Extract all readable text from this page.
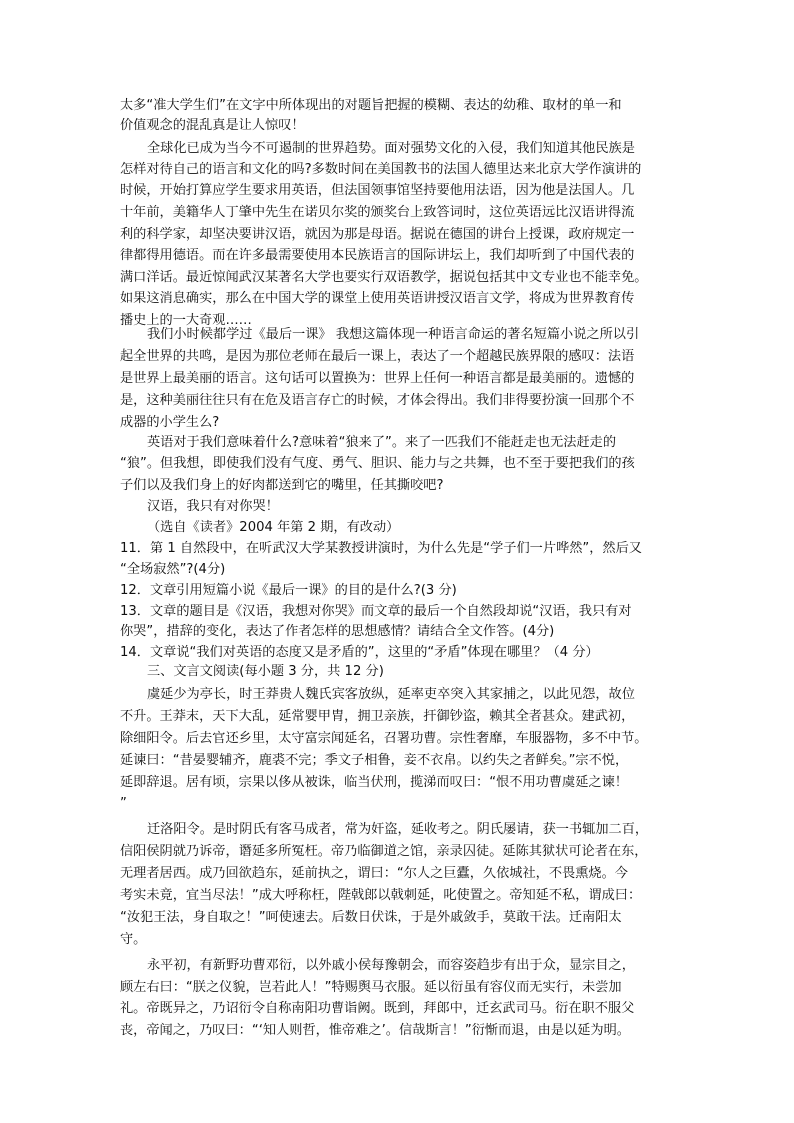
太多“准大学生们”在文字中所体现出的对题旨把握的模糊、表达的幼稚、取材的单一和
价值观念的混乱真是让人惊叹！
全球化已成为当今不可遏制的世界趋势。面对强势文化的入侵，我们知道其他民族是
怎样对待自己的语言和文化的吗?多数时间在美国教书的法国人德里达来北京大学作演讲的
时候，开始打算应学生要求用英语，但法国领事馆坚持要他用法语，因为他是法国人。几
十年前，美籍华人丁肇中先生在诺贝尔奖的颁奖台上致答词时，这位英语远比汉语讲得流
利的科学家，却坚决要讲汉语，就因为那是母语。据说在德国的讲台上授课，政府规定一
律都得用德语。而在许多最需要使用本民族语言的国际讲坛上，我们却听到了中国代表的
满口洋话。最近惊闻武汉某著名大学也要实行双语教学，据说包括其中文专业也不能幸免。
如果这消息确实，那么在中国大学的课堂上使用英语讲授汉语言文学，将成为世界教育传
播史上的一大奇观……
我们小时候都学过《最后一课》 我想这篇体现一种语言命运的著名短篇小说之所以引
起全世界的共鸣，是因为那位老师在最后一课上，表达了一个超越民族界限的感叹：法语
是世界上最美丽的语言。这句话可以置换为：世界上任何一种语言都是最美丽的。遗憾的
是，这种美丽往往只有在危及语言存亡的时候，才体会得出。我们非得要扮演一回那个不
成器的小学生么?
英语对于我们意味着什么?意味着“狼来了”。来了一匹我们不能赶走也无法赶走的
“狼”。但我想，即使我们没有气度、勇气、胆识、能力与之共舞，也不至于要把我们的孩
子们以及我们身上的好肉都送到它的嘴里，任其撕咬吧?
汉语，我只有对你哭！
（选自《读者》2004 年第 2 期，有改动）
11．第 1 自然段中，在听武汉大学某教授讲演时，为什么先是“学子们一片哗然”，然后又
“全场寂然”?(4分)
12．文章引用短篇小说《最后一课》的目的是什么?(3 分)
13．文章的题目是《汉语，我想对你哭》而文章的最后一个自然段却说“汉语，我只有对
你哭”，措辞的变化，表达了作者怎样的思想感情？请结合全文作答。(4分)
14．文章说“我们对英语的态度又是矛盾的”，这里的“矛盾”体现在哪里？（4 分）
三、文言文阅读(每小题 3 分，共 12 分)
虞延少为亭长，时王莽贵人魏氏宾客放纵，延率吏卒突入其家捕之，以此见怨，故位
不升。王莽末，天下大乱，延常婴甲胄，拥卫亲族，扞御钞盗，赖其全者甚众。建武初，
除细阳令。后去官还乡里，太守富宗闻延名，召署功曹。宗性奢靡，车服器物，多不中节。
延谏曰：“昔晏婴辅齐，鹿裘不完；季文子相鲁，妾不衣帛。以约失之者鲜矣。”宗不悦，
延即辞退。居有顷，宗果以侈从被诛，临当伏刑，揽涕而叹曰：“恨不用功曹虞延之谏！
”
迁洛阳令。是时阴氏有客马成者，常为奸盗，延收考之。阴氏屡请，获一书辄加二百，
信阳侯阴就乃诉帝，谮延多所冤枉。帝乃临御道之馆，亲录囚徒。延陈其狱状可论者在东，
无理者居西。成乃回欲趋东，延前执之，谓曰：“尔人之巨蠹，久依城社，不畏熏烧。今
考实未竟，宜当尽法！”成大呼称枉，陛戟郎以戟刺延，叱使置之。帝知延不私，谓成曰：
“汝犯王法，身自取之！”呵使速去。后数日伏诛，于是外戚敛手，莫敢干法。迁南阳太
守。
永平初，有新野功曹邓衍，以外戚小侯每豫朝会，而容姿趋步有出于众，显宗目之，
顾左右曰：“朕之仪貌，岂若此人！”特赐舆马衣服。延以衍虽有容仪而无实行，未尝加
礼。帝既异之，乃诏衍令自称南阳功曹诣阙。既到，拜郎中，迁玄武司马。衍在职不服父
丧，帝闻之，乃叹曰：“‘知人则哲，惟帝难之’。信哉斯言！”衍惭而退，由是以延为明。
